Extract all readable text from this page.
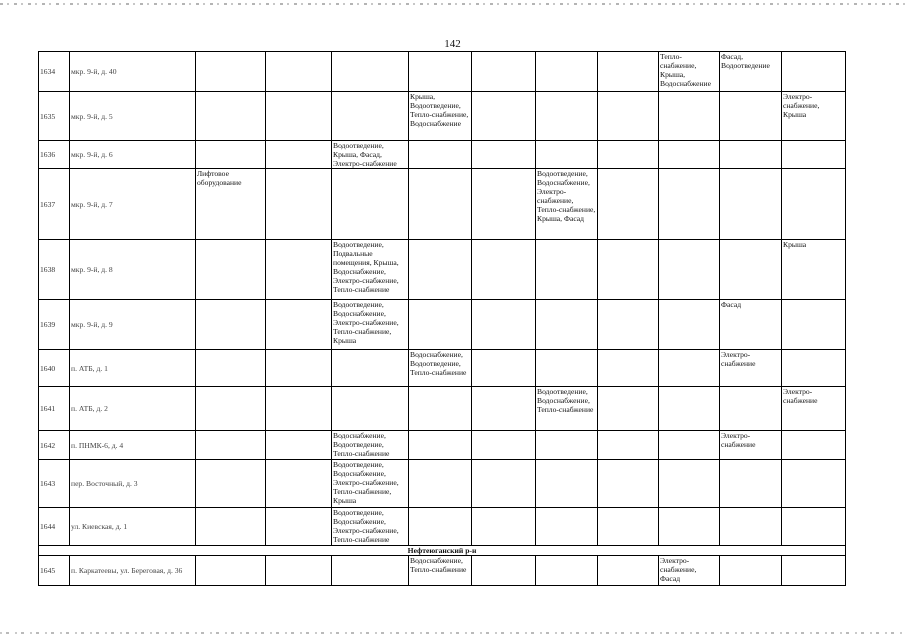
142
1634	мкр. 9-й, д. 40								Тепло-снабжение, Крыша, Водоснабжение	Фасад, Водоотведение	
1635	мкр. 9-й, д. 5				Крыша, Водоотведение, Тепло-снабжение, Водоснабжение						Электро-снабжение, Крыша
1636	мкр. 9-й, д. 6			Водоотведение, Крыша, Фасад, Электро-снабжение							
1637	мкр. 9-й, д. 7	Лифтовое оборудование					Водоотведение, Водоснабжение, Электро-снабжение, Тепло-снабжение, Крыша, Фасад				
1638	мкр. 9-й, д. 8			Водоотведение, Подвальные помещения, Крыша, Водоснабжение, Электро-снабжение, Тепло-снабжение							Крыша
1639	мкр. 9-й, д. 9			Водоотведение, Водоснабжение, Электро-снабжение, Тепло-снабжение, Крыша						Фасад	
1640	п. АТБ, д. 1				Водоснабжение, Водоотведение, Тепло-снабжение					Электро-снабжение	
1641	п. АТБ, д. 2						Водоотведение, Водоснабжение, Тепло-снабжение				Электро-снабжение
1642	п. ПНМК-6, д. 4			Водоснабжение, Водоотведение, Тепло-снабжение						Электро-снабжение	
1643	пер. Восточный, д. 3			Водоотведение, Водоснабжение, Электро-снабжение, Тепло-снабжение, Крыша							
1644	ул. Киевская, д. 1			Водоотведение, Водоснабжение, Электро-снабжение, Тепло-снабжение							
Нефтеюганский р-н											
1645	п. Каркатеевы, ул. Береговая, д. 36				Водоснабжение, Тепло-снабжение				Электро-снабжение, Фасад		
